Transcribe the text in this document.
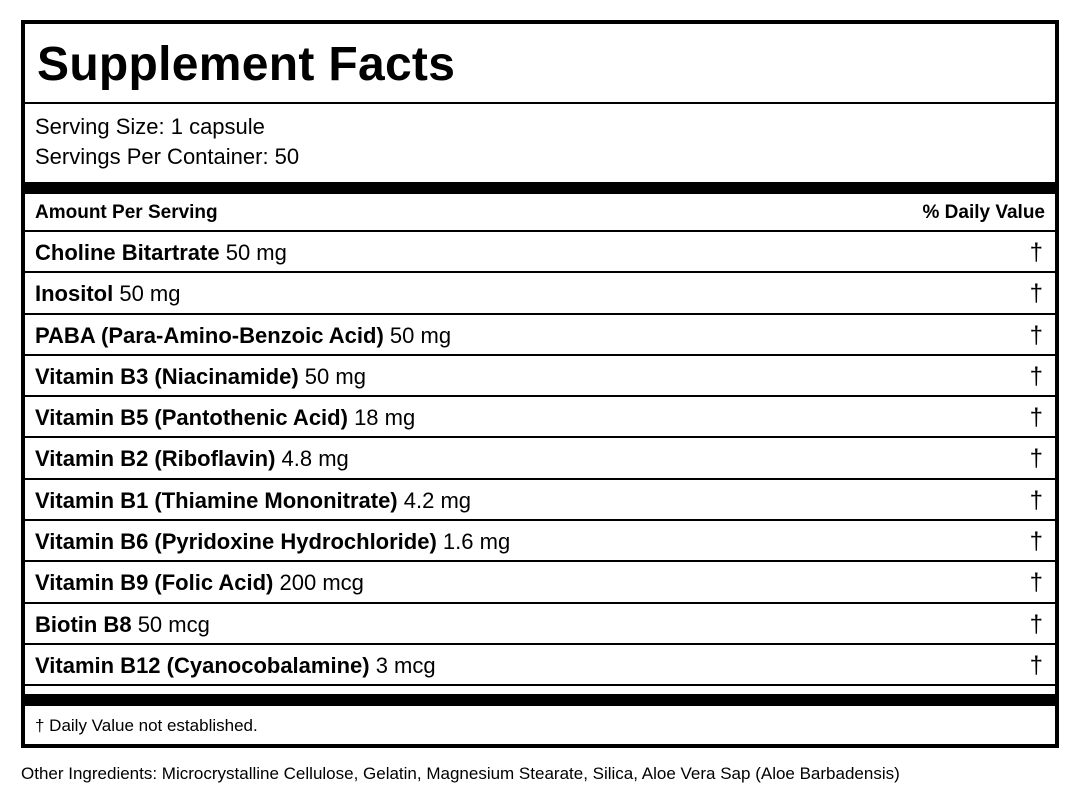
Supplement Facts
Serving Size: 1 capsule
Servings Per Container: 50
Amount Per Serving	% Daily Value
Choline Bitartrate 50 mg	†
Inositol 50 mg	†
PABA (Para-Amino-Benzoic Acid) 50 mg	†
Vitamin B3 (Niacinamide) 50 mg	†
Vitamin B5 (Pantothenic Acid) 18 mg	†
Vitamin B2 (Riboflavin) 4.8 mg	†
Vitamin B1 (Thiamine Mononitrate) 4.2 mg	†
Vitamin B6 (Pyridoxine Hydrochloride) 1.6 mg	†
Vitamin B9 (Folic Acid) 200 mcg	†
Biotin B8 50 mcg	†
Vitamin B12 (Cyanocobalamine) 3 mcg	†
† Daily Value not established.
Other Ingredients: Microcrystalline Cellulose, Gelatin, Magnesium Stearate, Silica, Aloe Vera Sap (Aloe Barbadensis)
